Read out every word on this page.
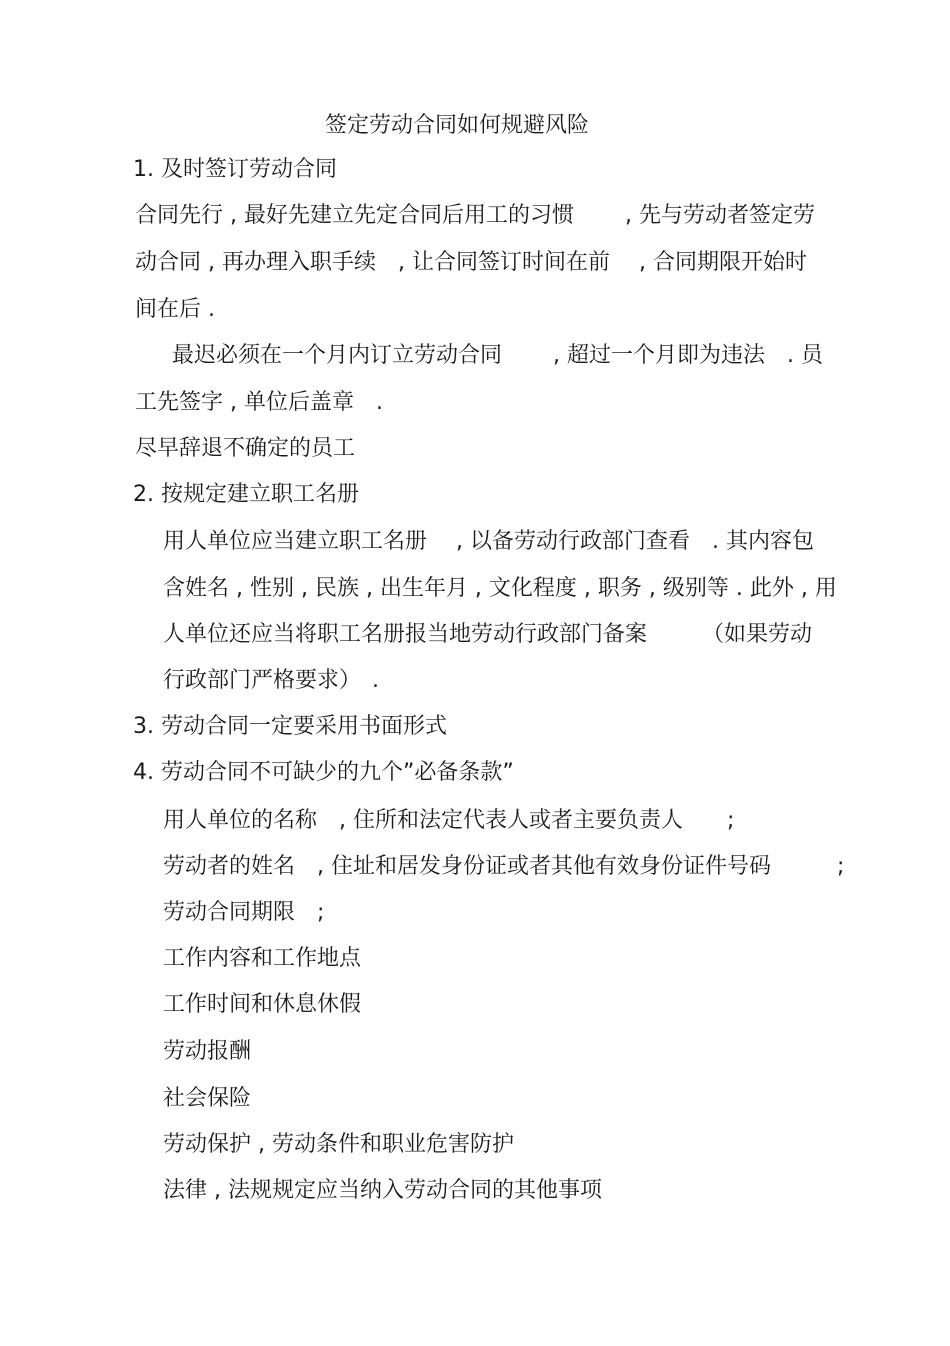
签定劳动合同如何规避风险
1. 及时签订劳动合同
合同先行 , 最好先建立先定合同后用工的习惯　　 , 先与劳动者签定劳
动合同 , 再办理入职手续　, 让合同签订时间在前　 , 合同期限开始时
间在后 .
最迟必须在一个月内订立劳动合同　　 , 超过一个月即为违法　. 员
工先签字 , 单位后盖章　.
尽早辞退不确定的员工
2. 按规定建立职工名册
用人单位应当建立职工名册　 , 以备劳动行政部门查看　. 其内容包
含姓名 , 性别 , 民族 , 出生年月 , 文化程度 , 职务 , 级别等 . 此外 , 用
人单位还应当将职工名册报当地劳动行政部门备案　　　（如果劳动
行政部门严格要求）　.
3. 劳动合同一定要采用书面形式
4. 劳动合同不可缺少的九个”必备条款”
用人单位的名称　, 住所和法定代表人或者主要负责人　　;
劳动者的姓名　, 住址和居发身份证或者其他有效身份证件号码　　　;
劳动合同期限　;
工作内容和工作地点
工作时间和休息休假
劳动报酬
社会保险
劳动保护 , 劳动条件和职业危害防护
法律 , 法规规定应当纳入劳动合同的其他事项
